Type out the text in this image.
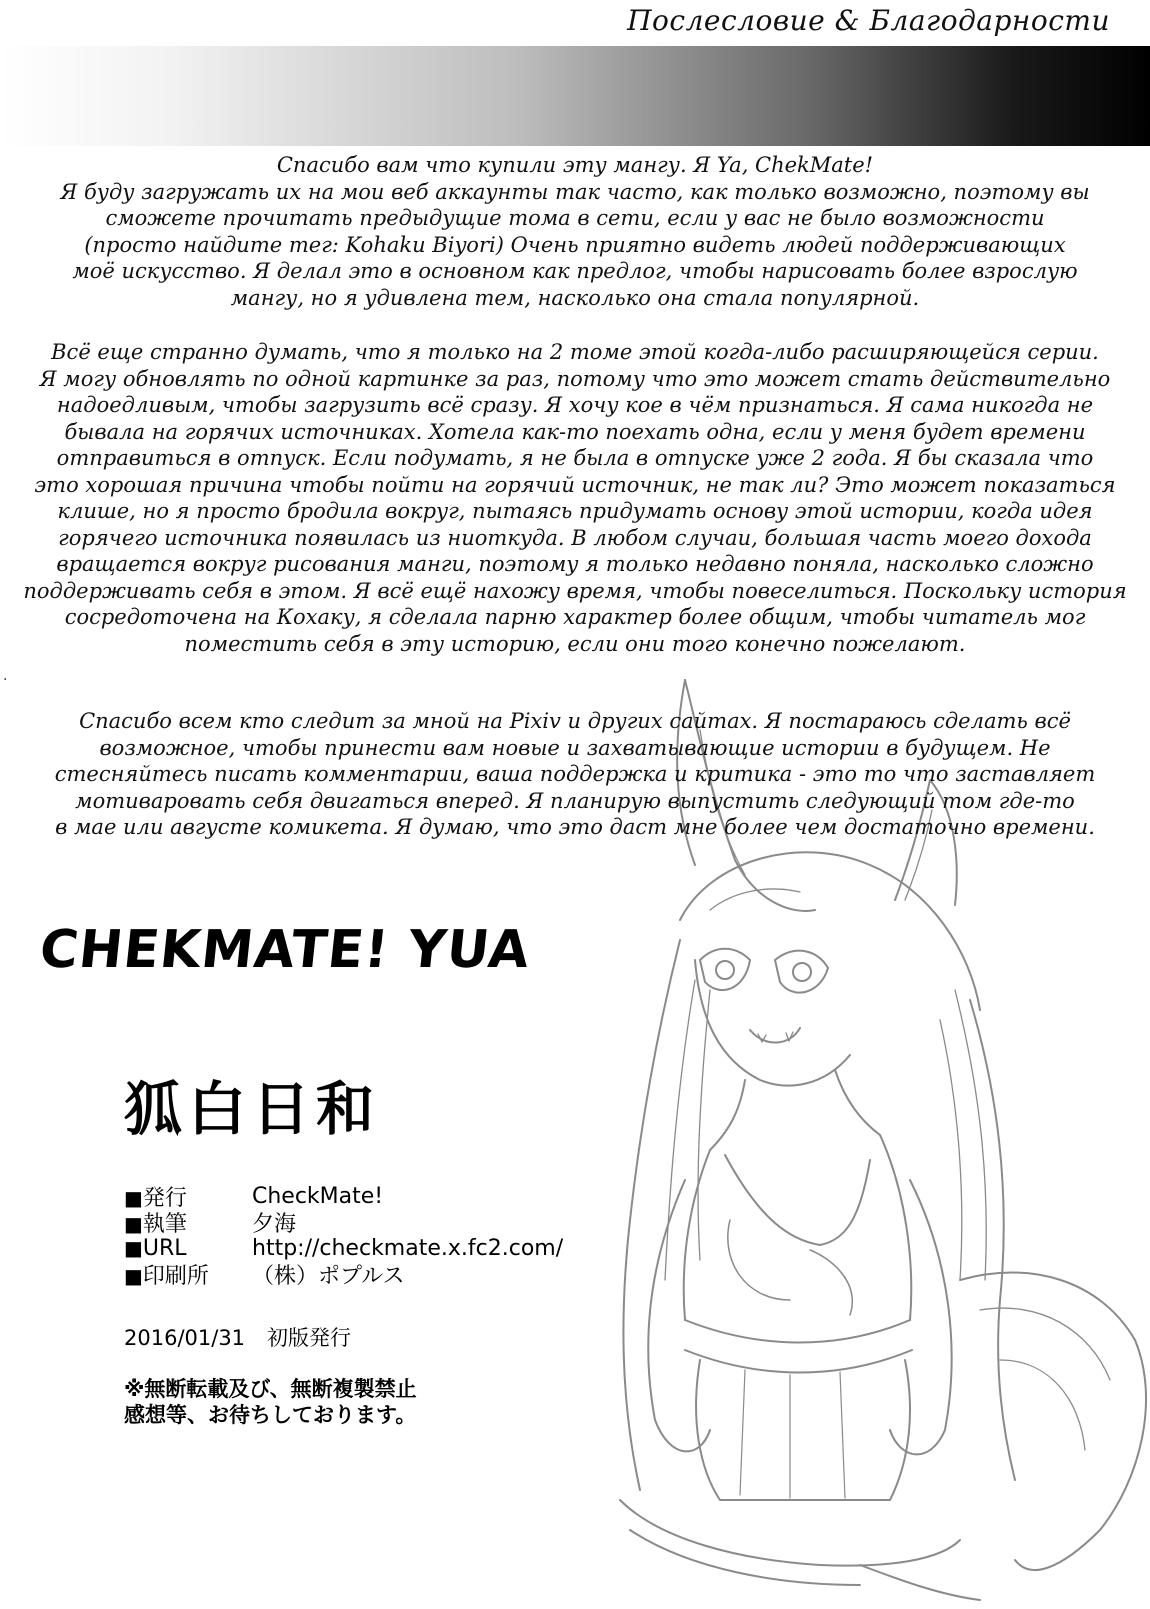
Послесловие & Благодарности
Спасибо вам что купили эту мангу. Я Ya, ChekMate!
Я буду загружать их на мои веб аккаунты так часто, как только возможно, поэтому вы
сможете прочитать предыдущие тома в сети, если у вас не было возможности
(просто найдите тег: Kohaku Biyori) Очень приятно видеть людей поддерживающих
моё искусство. Я делал это в основном как предлог, чтобы нарисовать более взрослую
мангу, но я удивлена тем, насколько она стала популярной.
Всё еще странно думать, что я только на 2 томе этой когда-либо расширяющейся серии.
Я могу обновлять по одной картинке за раз, потому что это может стать действительно
надоедливым, чтобы загрузить всё сразу. Я хочу кое в чём признаться. Я сама никогда не
бывала на горячих источниках. Хотела как-то поехать одна, если у меня будет времени
отправиться в отпуск. Если подумать, я не была в отпуске уже 2 года. Я бы сказала что
это хорошая причина чтобы пойти на горячий источник, не так ли? Это может показаться
клише, но я просто бродила вокруг, пытаясь придумать основу этой истории, когда идея
горячего источника появилась из ниоткуда. В любом случаи, большая часть моего дохода
вращается вокруг рисования манги, поэтому я только недавно поняла, насколько сложно
поддерживать себя в этом. Я всё ещё нахожу время, чтобы повеселиться. Поскольку история
сосредоточена на Кохаку, я сделала парню характер более общим, чтобы читатель мог
поместить себя в эту историю, если они того конечно пожелают.
.
Спасибо всем кто следит за мной на Pixiv и других сайтах. Я постараюсь сделать всё
возможное, чтобы принести вам новые и захватывающие истории в будущем. Не
стесняйтесь писать комментарии, ваша поддержка и критика - это то что заставляет
мотиваровать себя двигаться вперед. Я планирую выпустить следующий том где-то
в мае или августе комикета. Я думаю, что это даст мне более чем достаточно времени.
CHEKMATE! YUA
狐白日和
■ 発行	CheckMate!
■ 執筆	夕海
■ URL	http://checkmate.x.fc2.com/
■ 印刷所	（株）ポプルス
2016/01/31 初版発行
※無断転載及び、無断複製禁止
感想等、お待ちしております。
